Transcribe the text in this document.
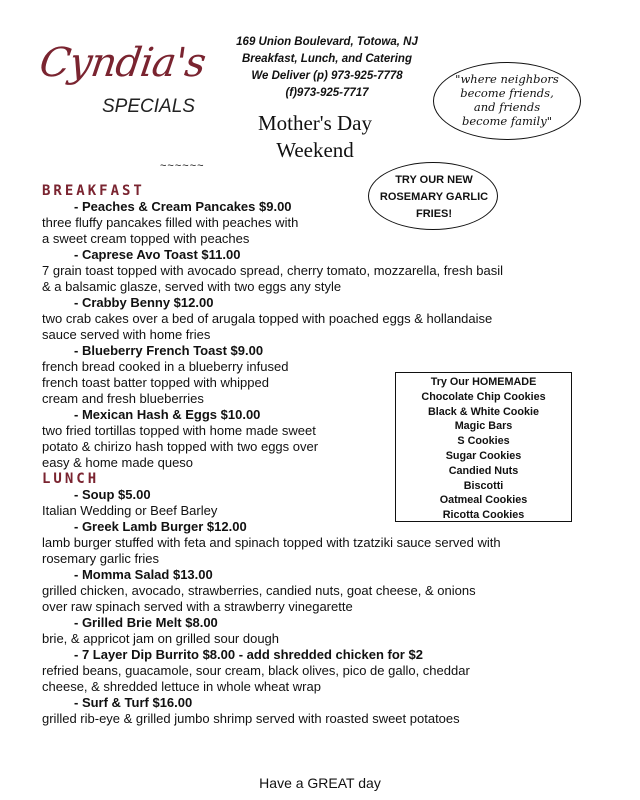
Cyndia's
SPECIALS
169 Union Boulevard, Totowa, NJ
Breakfast, Lunch, and Catering
We Deliver (p) 973-925-7778
(f)973-925-7717
"where neighbors
become friends,
and friends
become family"
Mother's Day
Weekend
~~~~~~
TRY OUR NEW
ROSEMARY GARLIC
FRIES!
BREAKFAST
- Peaches & Cream Pancakes $9.00
three fluffy pancakes filled with peaches with
a sweet cream topped with peaches
- Caprese Avo Toast $11.00
7 grain toast topped with avocado spread, cherry tomato, mozzarella, fresh basil
& a balsamic glasze, served with two eggs any style
- Crabby Benny $12.00
two crab cakes over a bed of arugala topped with poached eggs & hollandaise
sauce served with home fries
- Blueberry French Toast $9.00
french bread cooked in a blueberry infused
french toast batter topped with whipped
cream and fresh blueberries
- Mexican Hash & Eggs $10.00
two fried tortillas topped with home made sweet
potato & chirizo hash topped with two eggs over
easy & home made queso
LUNCH
- Soup $5.00
Italian Wedding or Beef Barley
- Greek Lamb Burger $12.00
lamb burger stuffed with feta and spinach topped with tzatziki sauce served with
rosemary garlic fries
- Momma Salad $13.00
grilled chicken, avocado, strawberries, candied nuts, goat cheese, & onions
over raw spinach served with a strawberry vinegarette
- Grilled Brie Melt $8.00
brie, & appricot jam on grilled sour dough
- 7 Layer Dip Burrito $8.00 - add shredded chicken for $2
refried beans, guacamole, sour cream, black olives, pico de gallo, cheddar
cheese, & shredded lettuce in whole wheat wrap
- Surf & Turf $16.00
grilled rib-eye & grilled jumbo shrimp served with roasted sweet potatoes
Try Our HOMEMADE
Chocolate Chip Cookies
Black & White Cookie
Magic Bars
S Cookies
Sugar Cookies
Candied Nuts
Biscotti
Oatmeal Cookies
Ricotta Cookies
Have a GREAT day
